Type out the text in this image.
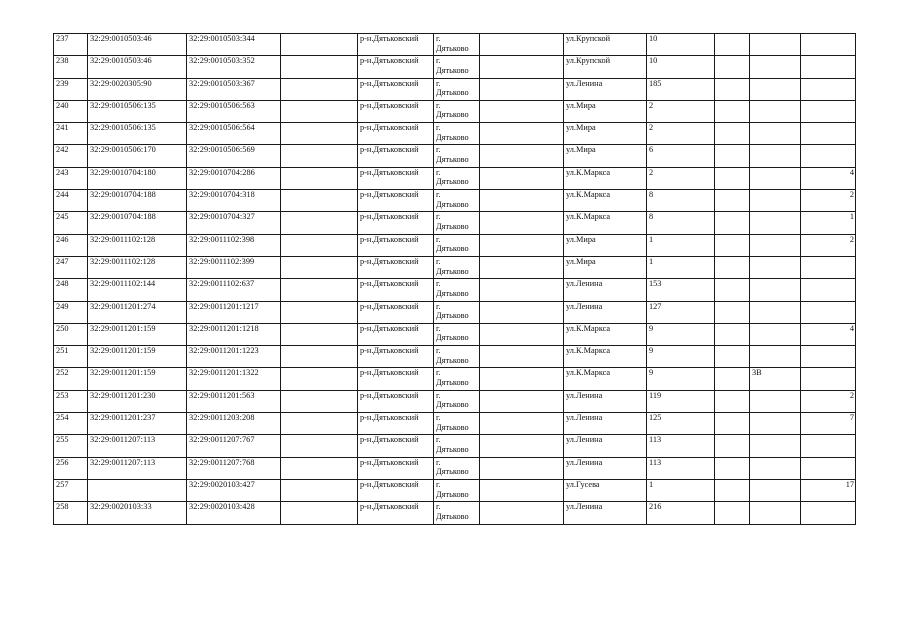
237	32:29:0010503:46	32:29:0010503:344		р-н.Дятьковский	г.
Дятьково		ул.Крупской	10			
238	32:29:0010503:46	32:29:0010503:352		р-н.Дятьковский	г.
Дятьково		ул.Крупской	10			
239	32:29:0020305:90	32:29:0010503:367		р-н.Дятьковский	г.
Дятьково		ул.Ленина	185			
240	32:29:0010506:135	32:29:0010506:563		р-н.Дятьковский	г.
Дятьково		ул.Мира	2			
241	32:29:0010506:135	32:29:0010506:564		р-н.Дятьковский	г.
Дятьково		ул.Мира	2			
242	32:29:0010506:170	32:29:0010506:569		р-н.Дятьковский	г.
Дятьково		ул.Мира	6			
243	32:29:0010704:180	32:29:0010704:286		р-н.Дятьковский	г.
Дятьково		ул.К.Маркса	2			4
244	32:29:0010704:188	32:29:0010704:318		р-н.Дятьковский	г.
Дятьково		ул.К.Маркса	8			2
245	32:29:0010704:188	32:29:0010704:327		р-н.Дятьковский	г.
Дятьково		ул.К.Маркса	8			1
246	32:29:0011102:128	32:29:0011102:398		р-н.Дятьковский	г.
Дятьково		ул.Мира	1			2
247	32:29:0011102:128	32:29:0011102:399		р-н.Дятьковский	г.
Дятьково		ул.Мира	1			
248	32:29:0011102:144	32:29:0011102:637		р-н.Дятьковский	г.
Дятьково		ул.Ленина	153			
249	32:29:0011201:274	32:29:0011201:1217		р-н.Дятьковский	г.
Дятьково		ул.Ленина	127			
250	32:29:0011201:159	32:29:0011201:1218		р-н.Дятьковский	г.
Дятьково		ул.К.Маркса	9			4
251	32:29:0011201:159	32:29:0011201:1223		р-н.Дятьковский	г.
Дятьково		ул.К.Маркса	9			
252	32:29:0011201:159	32:29:0011201:1322		р-н.Дятьковский	г.
Дятьково		ул.К.Маркса	9		3В	
253	32:29:0011201:230	32:29:0011201:563		р-н.Дятьковский	г.
Дятьково		ул.Ленина	119			2
254	32:29:0011201:237	32:29:0011203:208		р-н.Дятьковский	г.
Дятьково		ул.Ленина	125			7
255	32:29:0011207:113	32:29:0011207:767		р-н.Дятьковский	г.
Дятьково		ул.Ленина	113			
256	32:29:0011207:113	32:29:0011207:768		р-н.Дятьковский	г.
Дятьково		ул.Ленина	113			
257		32:29:0020103:427		р-н.Дятьковский	г.
Дятьково		ул.Гусева	1			17
258	32:29:0020103:33	32:29:0020103:428		р-н.Дятьковский	г.
Дятьково		ул.Ленина	216			
